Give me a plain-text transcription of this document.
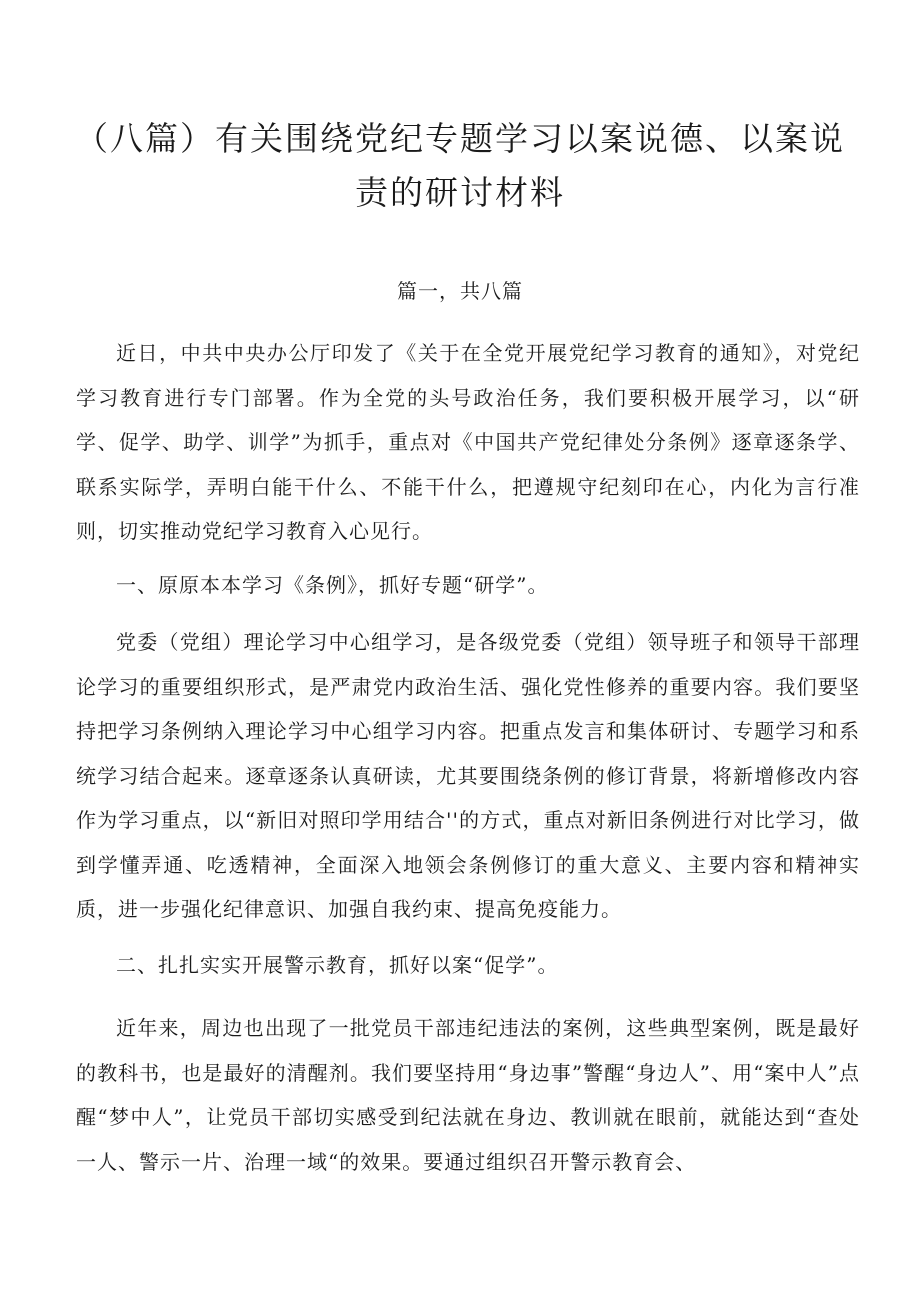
（八篇）有关围绕党纪专题学习以案说德、以案说责的研讨材料
篇一，共八篇

近日，中共中央办公厅印发了《关于在全党开展党纪学习教育的通知》，对党纪学习教育进行专门部署。作为全党的头号政治任务，我们要积极开展学习，以“研学、促学、助学、训学”为抓手，重点对《中国共产党纪律处分条例》逐章逐条学、联系实际学，弄明白能干什么、不能干什么，把遵规守纪刻印在心，内化为言行准则，切实推动党纪学习教育入心见行。

一、原原本本学习《条例》，抓好专题“研学”。

党委（党组）理论学习中心组学习，是各级党委（党组）领导班子和领导干部理论学习的重要组织形式，是严肃党内政治生活、强化党性修养的重要内容。我们要坚持把学习条例纳入理论学习中心组学习内容。把重点发言和集体研讨、专题学习和系统学习结合起来。逐章逐条认真研读，尤其要围绕条例的修订背景，将新增修改内容作为学习重点，以“新旧对照印学用结合''的方式，重点对新旧条例进行对比学习，做到学懂弄通、吃透精神，全面深入地领会条例修订的重大意义、主要内容和精神实质，进一步强化纪律意识、加强自我约束、提高免疫能力。

二、扎扎实实开展警示教育，抓好以案“促学”。

近年来，周边也出现了一批党员干部违纪违法的案例，这些典型案例，既是最好的教科书，也是最好的清醒剂。我们要坚持用“身边事”警醒“身边人”、用“案中人”点醒“梦中人”，让党员干部切实感受到纪法就在身边、教训就在眼前，就能达到“查处一人、警示一片、治理一域“的效果。要通过组织召开警示教育会、
